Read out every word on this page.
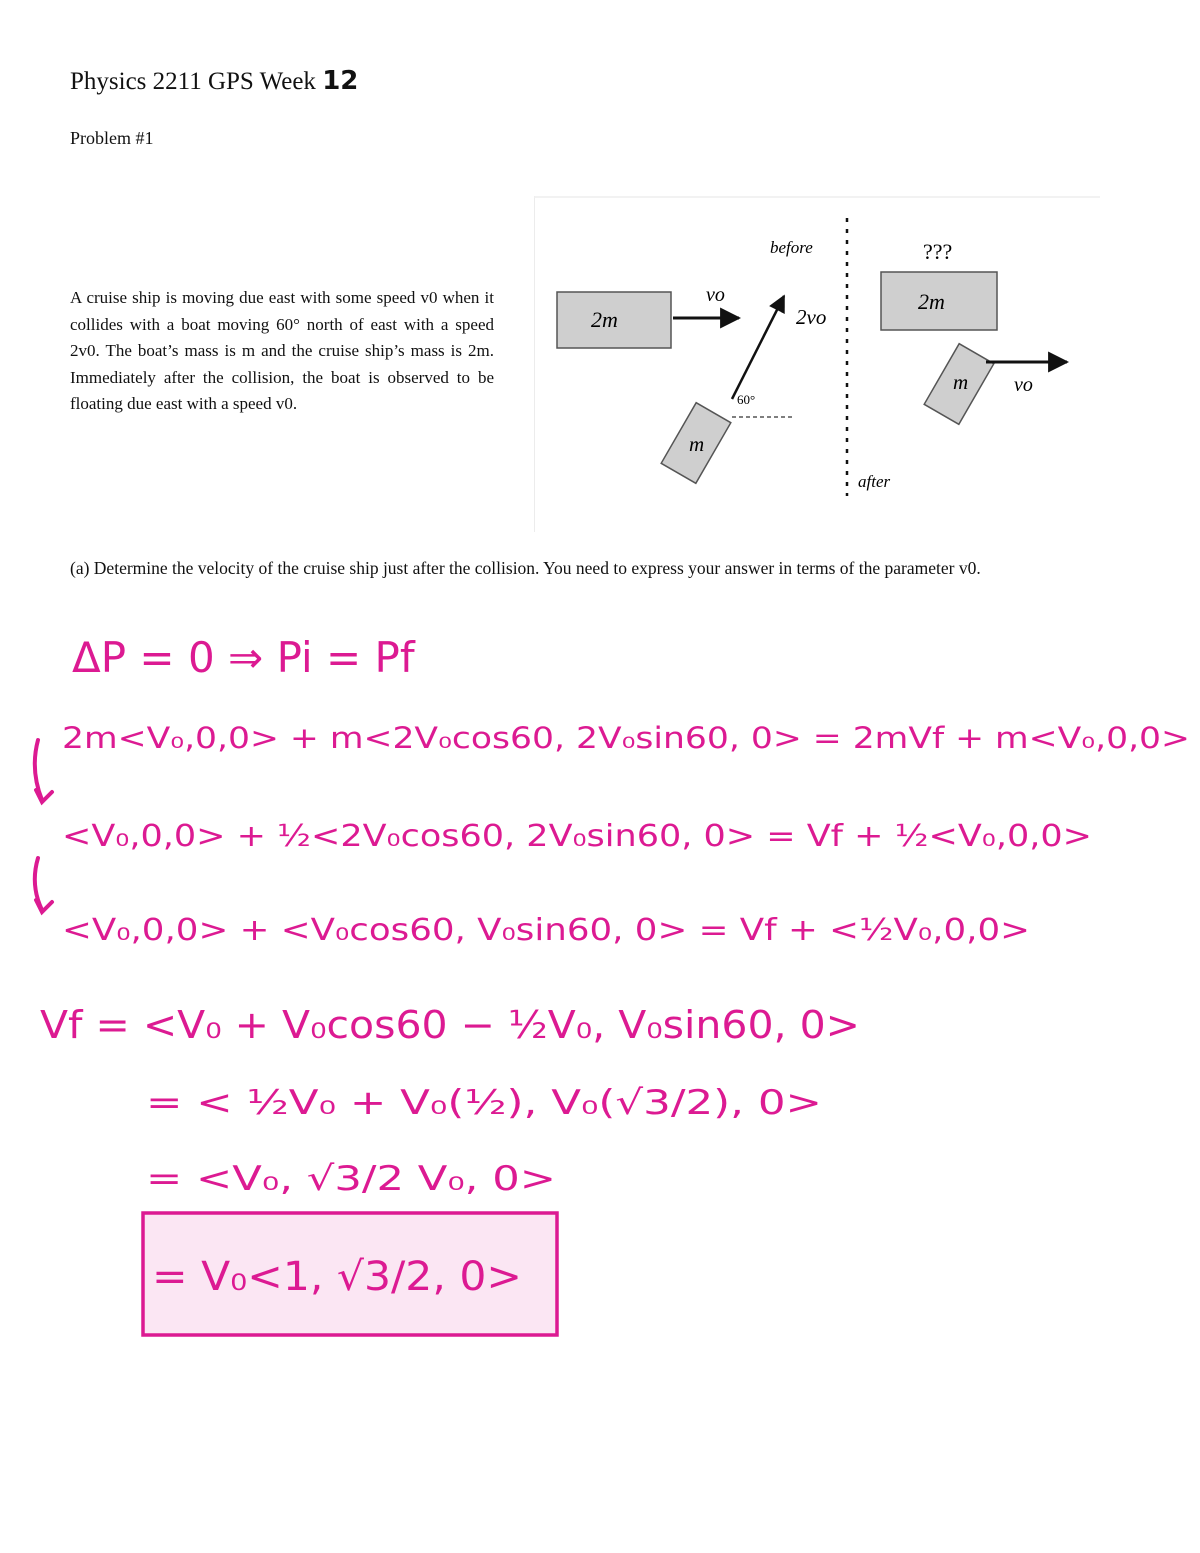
Physics 2211 GPS Week 12
Problem #1
A cruise ship is moving due east with some speed v0 when it collides with a boat moving 60° north of east with a speed 2v0. The boat’s mass is m and the cruise ship’s mass is 2m. Immediately after the collision, the boat is observed to be floating due east with a speed v0.
2m
vo
m
2vo
60°
before
after
???
2m
m vo
(a) Determine the velocity of the cruise ship just after the collision. You need to express your answer in terms of the parameter v0.
ΔP = 0 ⇒ Pi = Pf
2m<V₀,0,0> + m<2V₀cos60, 2V₀sin60, 0> = 2mVf + m<V₀,0,0>
<V₀,0,0> + ½<2V₀cos60, 2V₀sin60, 0> = Vf + ½<V₀,0,0>
<V₀,0,0> + <V₀cos60, V₀sin60, 0> = Vf + <½V₀,0,0>
Vf = <V₀ + V₀cos60 − ½V₀, V₀sin60, 0>
= < ½V₀ + V₀(½), V₀(√3/2), 0>
= <V₀, √3/2 V₀, 0>
= V₀<1, √3/2, 0>
